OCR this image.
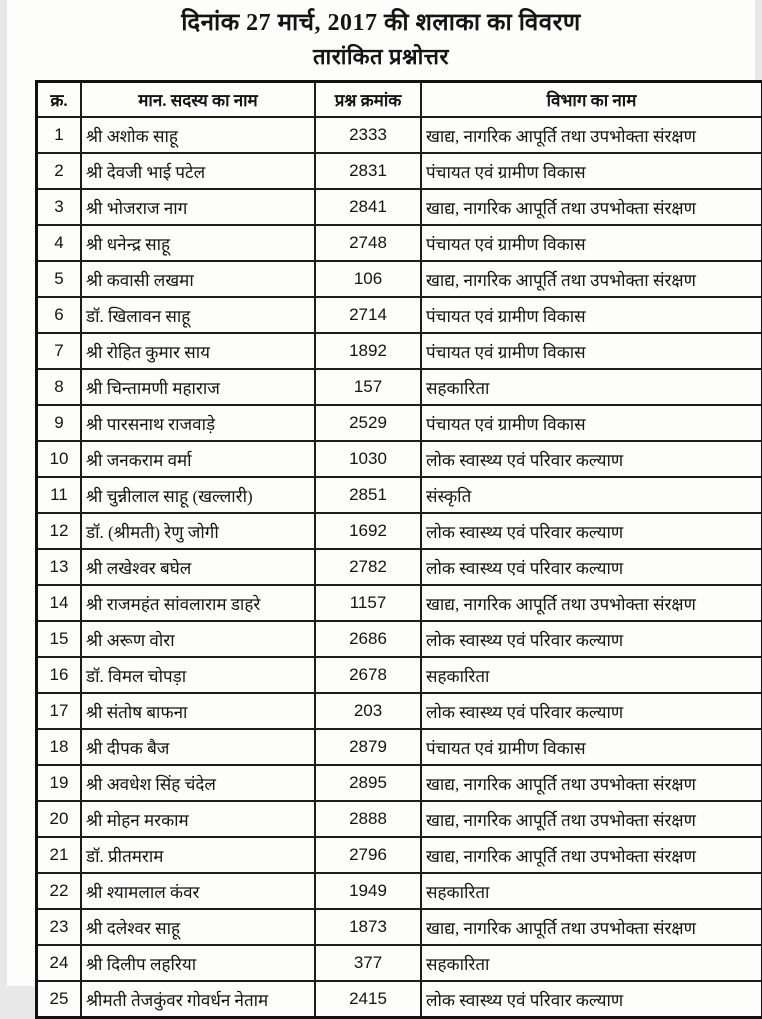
दिनांक 27 मार्च, 2017 की शलाका का विवरण
तारांकित प्रश्नोत्तर
क्र.	मान. सदस्य का नाम	प्रश्न क्रमांक	विभाग का नाम
1	श्री अशोक साहू	2333	खाद्य, नागरिक आपूर्ति तथा उपभोक्ता संरक्षण
2	श्री देवजी भाई पटेल	2831	पंचायत एवं ग्रामीण विकास
3	श्री भोजराज नाग	2841	खाद्य, नागरिक आपूर्ति तथा उपभोक्ता संरक्षण
4	श्री धनेन्द्र साहू	2748	पंचायत एवं ग्रामीण विकास
5	श्री कवासी लखमा	106	खाद्य, नागरिक आपूर्ति तथा उपभोक्ता संरक्षण
6	डॉ. खिलावन साहू	2714	पंचायत एवं ग्रामीण विकास
7	श्री रोहित कुमार साय	1892	पंचायत एवं ग्रामीण विकास
8	श्री चिन्तामणी महाराज	157	सहकारिता
9	श्री पारसनाथ राजवाड़े	2529	पंचायत एवं ग्रामीण विकास
10	श्री जनकराम वर्मा	1030	लोक स्वास्थ्य एवं परिवार कल्याण
11	श्री चुन्नीलाल साहू (खल्लारी)	2851	संस्कृति
12	डॉ. (श्रीमती) रेणु जोगी	1692	लोक स्वास्थ्य एवं परिवार कल्याण
13	श्री लखेश्वर बघेल	2782	लोक स्वास्थ्य एवं परिवार कल्याण
14	श्री राजमहंत सांवलाराम डाहरे	1157	खाद्य, नागरिक आपूर्ति तथा उपभोक्ता संरक्षण
15	श्री अरूण वोरा	2686	लोक स्वास्थ्य एवं परिवार कल्याण
16	डॉ. विमल चोपड़ा	2678	सहकारिता
17	श्री संतोष बाफना	203	लोक स्वास्थ्य एवं परिवार कल्याण
18	श्री दीपक बैज	2879	पंचायत एवं ग्रामीण विकास
19	श्री अवधेश सिंह चंदेल	2895	खाद्य, नागरिक आपूर्ति तथा उपभोक्ता संरक्षण
20	श्री मोहन मरकाम	2888	खाद्य, नागरिक आपूर्ति तथा उपभोक्ता संरक्षण
21	डॉ. प्रीतमराम	2796	खाद्य, नागरिक आपूर्ति तथा उपभोक्ता संरक्षण
22	श्री श्यामलाल कंवर	1949	सहकारिता
23	श्री दलेश्वर साहू	1873	खाद्य, नागरिक आपूर्ति तथा उपभोक्ता संरक्षण
24	श्री दिलीप लहरिया	377	सहकारिता
25	श्रीमती तेजकुंवर गोवर्धन नेताम	2415	लोक स्वास्थ्य एवं परिवार कल्याण
